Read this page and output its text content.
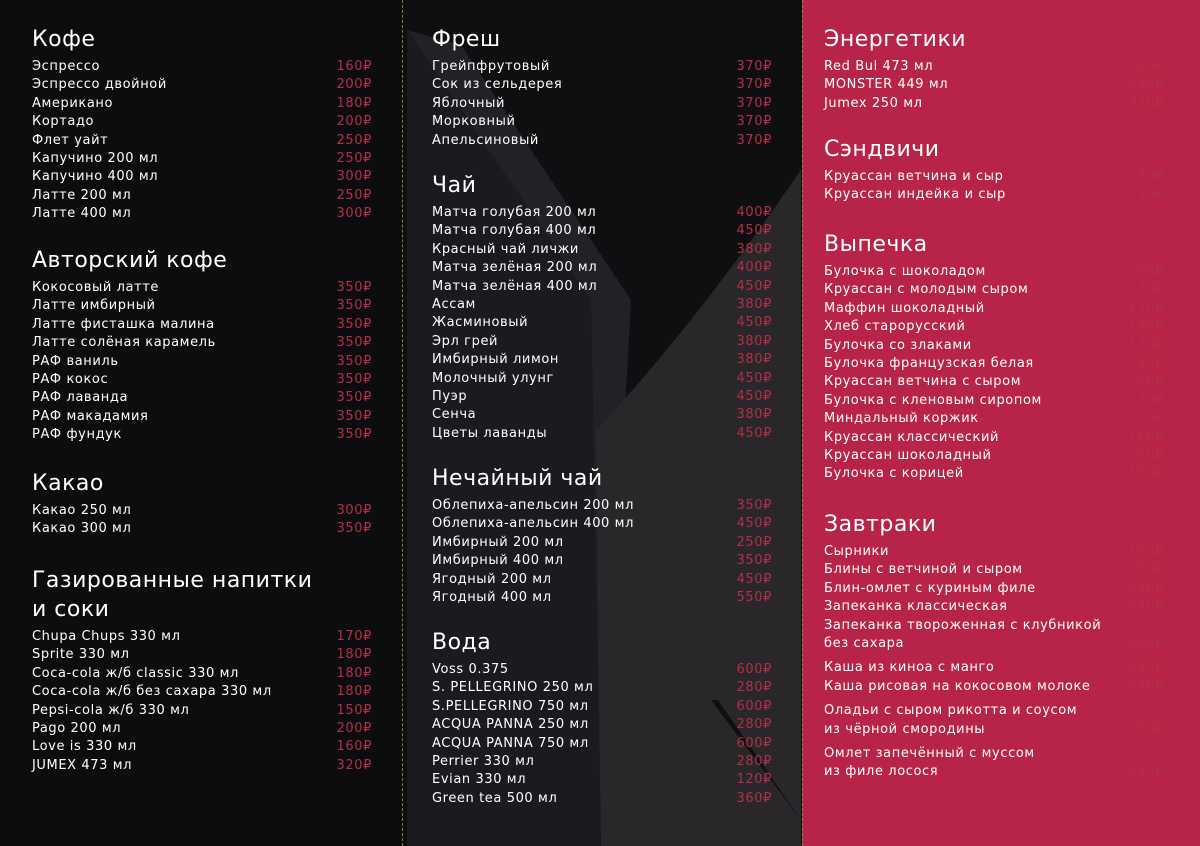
Кофе
Эспрессо	160₽
Эспрессо двойной	200₽
Американо	180₽
Кортадо	200₽
Флет уайт	250₽
Капучино 200 мл	250₽
Капучино 400 мл	300₽
Латте 200 мл	250₽
Латте 400 мл	300₽
Авторский кофе
Кокосовый латте	350₽
Латте имбирный	350₽
Латте фисташка малина	350₽
Латте солёная карамель	350₽
РАФ ваниль	350₽
РАФ кокос	350₽
РАФ лаванда	350₽
РАФ макадамия	350₽
РАФ фундук	350₽
Какао
Какао 250 мл	300₽
Какао 300 мл	350₽
Газированные напитки
и соки
Chupa Chups 330 мл	170₽
Sprite 330 мл	180₽
Coca-cola ж/б classic 330 мл	180₽
Coca-cola ж/б без сахара 330 мл	180₽
Pepsi-cola ж/б 330 мл	150₽
Pago 200 мл	200₽
Love is 330 мл	160₽
JUMEX 473 мл	320₽
Фреш
Грейпфрутовый	370₽
Сок из сельдерея	370₽
Яблочный	370₽
Морковный	370₽
Апельсиновый	370₽
Чай
Матча голубая 200 мл	400₽
Матча голубая 400 мл	450₽
Красный чай личжи	380₽
Матча зелёная 200 мл	400₽
Матча зелёная 400 мл	450₽
Ассам	380₽
Жасминовый	450₽
Эрл грей	380₽
Имбирный лимон	380₽
Молочный улунг	450₽
Пуэр	450₽
Сенча	380₽
Цветы лаванды	450₽
Нечайный чай
Облепиха-апельсин 200 мл	350₽
Облепиха-апельсин 400 мл	450₽
Имбирный 200 мл	250₽
Имбирный 400 мл	350₽
Ягодный 200 мл	450₽
Ягодный 400 мл	550₽
Вода
Voss 0.375	600₽
S. PELLEGRINO 250 мл	280₽
S.PELLEGRINO 750 мл	600₽
ACQUA PANNA 250 мл	280₽
ACQUA PANNA 750 мл	600₽
Perrier 330 мл	280₽
Evian 330 мл	120₽
Green tea 500 мл	360₽
Энергетики
Red Bul 473 мл	280₽
MONSTER 449 мл	280₽
Jumex 250 мл	320₽
Сэндвичи
Круассан ветчина и сыр	230₽
Круассан индейка и сыр	230₽
Выпечка
Булочка с шоколадом	200₽
Круассан с молодым сыром	230₽
Маффин шоколадный	170₽
Хлеб старорусский	180₽
Булочка со злаками	170₽
Булочка французская белая	50₽
Круассан ветчина с сыром	250₽
Булочка с кленовым сиропом	220₽
Миндальный коржик	220₽
Круассан классический	160₽
Круассан шоколадный	250₽
Булочка с корицей	180₽
Завтраки
Сырники	180₽
Блины с ветчиной и сыром	250₽
Блин-омлет с куриным филе	250₽
Запеканка классическая	220₽
Запеканка твороженная с клубникой
без сахара	280₽
Каша из киноа с манго	250₽
Каша рисовая на кокосовом молоке	250₽
Оладьи с сыром рикотта и соусом
из чёрной смородины	250₽
Омлет запечённый с муссом
из филе лосося	250₽
